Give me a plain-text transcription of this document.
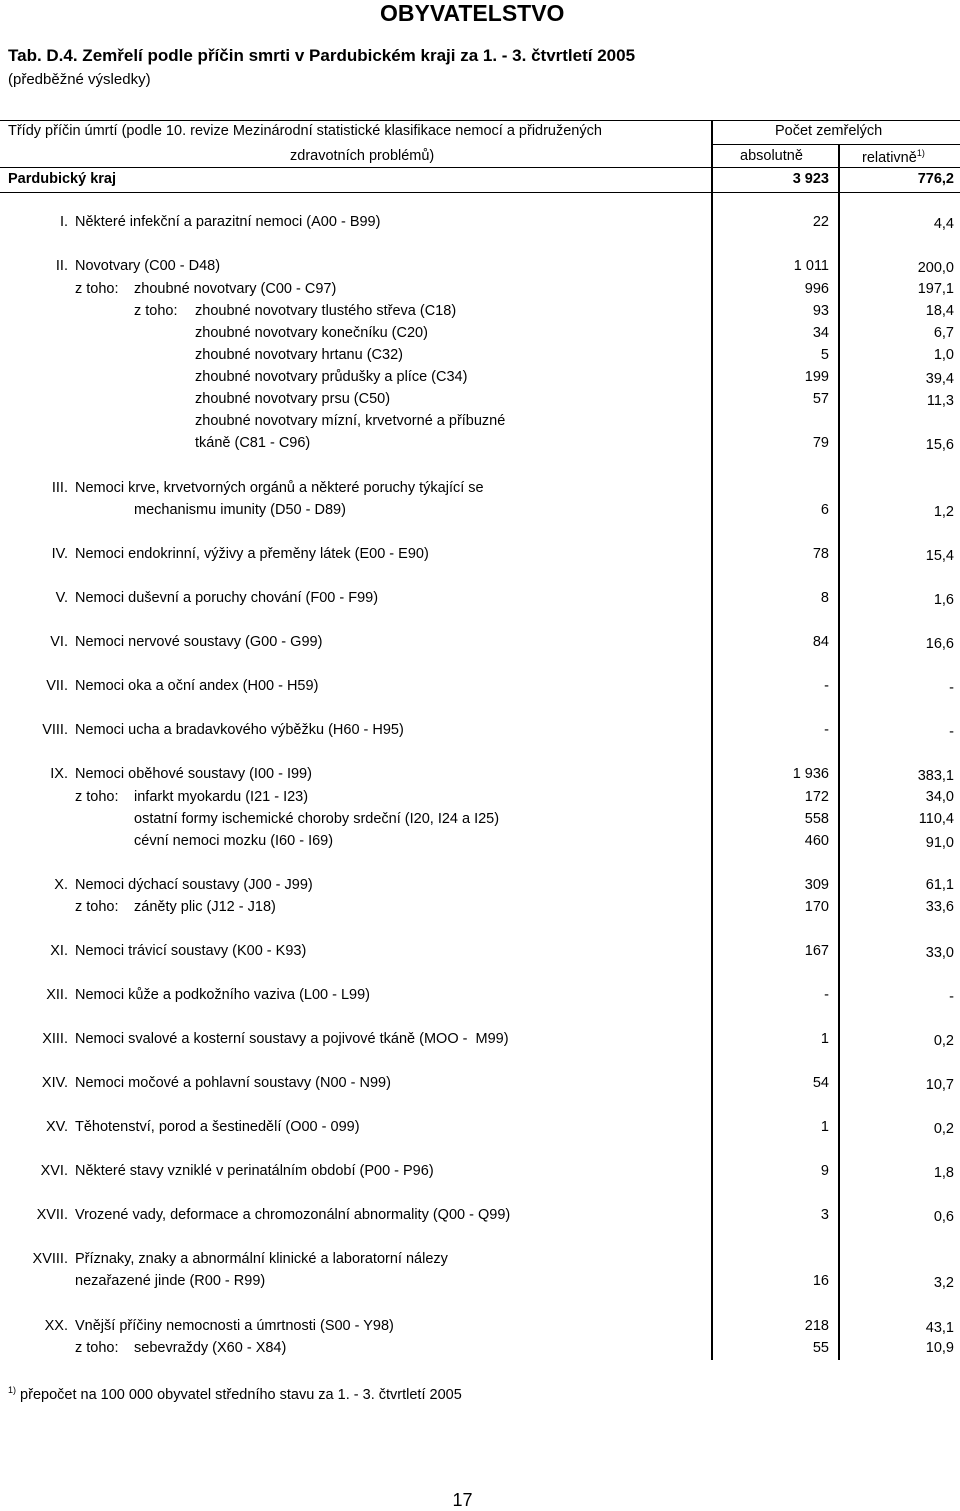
OBYVATELSTVO
Tab. D.4. Zemřelí podle příčin smrti v Pardubickém kraji za 1. - 3. čtvrtletí 2005
(předběžné výsledky)
Třídy příčin úmrtí (podle 10. revize Mezinárodní statistické klasifikace nemocí a přidružených
zdravotních problémů)
Počet zemřelých
absolutně	relativně$^{1)}$
Pardubický kraj	3 923	776,2
I. Některé infekční a parazitní nemoci (A00 - B99)	22	4,4
II. Novotvary (C00 - D48)	1 011	200,0
z toho: zhoubné novotvary (C00 - C97)	996	197,1
z toho: zhoubné novotvary tlustého střeva (C18)	93	18,4
zhoubné novotvary konečníku (C20)	34	6,7
zhoubné novotvary hrtanu (C32)	5	1,0
zhoubné novotvary průdušky a plíce (C34)	199	39,4
zhoubné novotvary prsu (C50)	57	11,3
zhoubné novotvary mízní, krvetvorné a příbuzné
tkáně (C81 - C96)	79	15,6
III. Nemoci krve, krvetvorných orgánů a některé poruchy týkající se
mechanismu imunity (D50 - D89)	6	1,2
IV. Nemoci endokrinní, výživy a přeměny látek (E00 - E90)	78	15,4
V. Nemoci duševní a poruchy chování (F00 - F99)	8	1,6
VI. Nemoci nervové soustavy (G00 - G99)	84	16,6
VII. Nemoci oka a oční andex (H00 - H59)	-	-
VIII. Nemoci ucha a bradavkového výběžku (H60 - H95)	-	-
IX. Nemoci oběhové soustavy (I00 - I99)	1 936	383,1
z toho: infarkt myokardu (I21 - I23)	172	34,0
ostatní formy ischemické choroby srdeční (I20, I24 a I25)	558	110,4
cévní nemoci mozku (I60 - I69)	460	91,0
X. Nemoci dýchací soustavy (J00 - J99)	309	61,1
z toho: záněty plic (J12 - J18)	170	33,6
XI. Nemoci trávicí soustavy (K00 - K93)	167	33,0
XII. Nemoci kůže a podkožního vaziva (L00 - L99)	-	-
XIII. Nemoci svalové a kosterní soustavy a pojivové tkáně (MOO -  M99)	1	0,2
XIV. Nemoci močové a pohlavní soustavy (N00 - N99)	54	10,7
XV. Těhotenství, porod a šestinedělí (O00 - 099)	1	0,2
XVI. Některé stavy vzniklé v perinatálním období (P00 - P96)	9	1,8
XVII. Vrozené vady, deformace a chromozonální abnormality (Q00 - Q99)	3	0,6
XVIII. Příznaky, znaky a abnormální klinické a laboratorní nálezy
nezařazené jinde (R00 - R99)	16	3,2
XX. Vnější příčiny nemocnosti a úmrtnosti (S00 - Y98)	218	43,1
z toho: sebevraždy (X60 - X84)	55	10,9
$^{1)}$ přepočet na 100 000 obyvatel středního stavu za 1. - 3. čtvrtletí 2005
17
